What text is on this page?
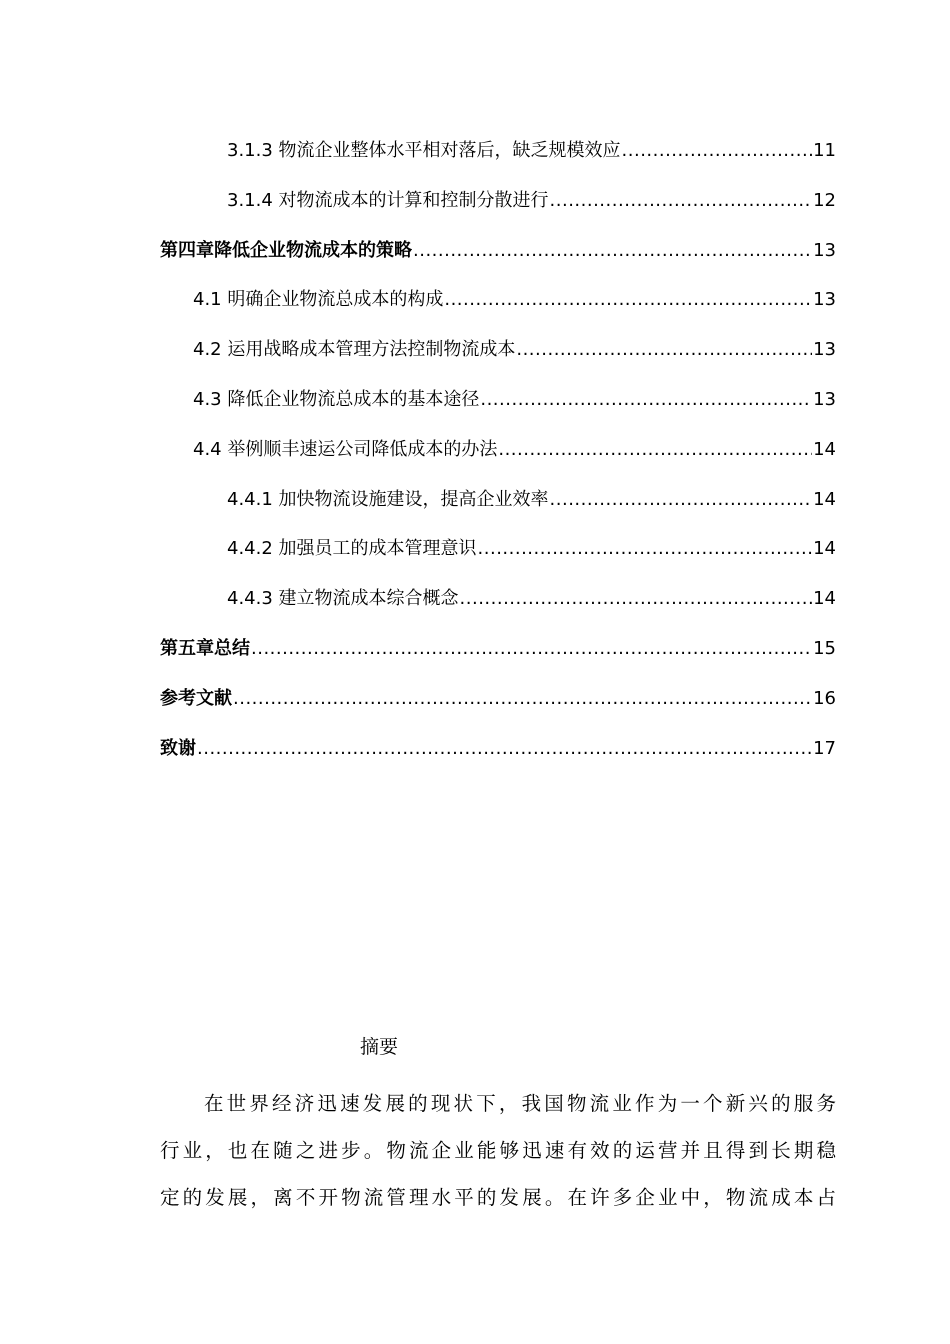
3.1.3 物流企业整体水平相对落后，缺乏规模效应 .....	11
3.1.4 对物流成本的计算和控制分散进行 .....	12
第四章降低企业物流成本的策略 .....	13
4.1 明确企业物流总成本的构成 .....	13
4.2 运用战略成本管理方法控制物流成本 .....	13
4.3 降低企业物流总成本的基本途径 .....	13
4.4 举例顺丰速运公司降低成本的办法 .....	14
4.4.1 加快物流设施建设，提高企业效率 .....	14
4.4.2 加强员工的成本管理意识 .....	14
4.4.3 建立物流成本综合概念 .....	14
第五章总结 .....	15
参考文献 .....	16
致谢 .....	17
摘要
在世界经济迅速发展的现状下，我国物流业作为一个新兴的服务
行业，也在随之进步。物流企业能够迅速有效的运营并且得到长期稳
定的发展，离不开物流管理水平的发展。在许多企业中，物流成本占
